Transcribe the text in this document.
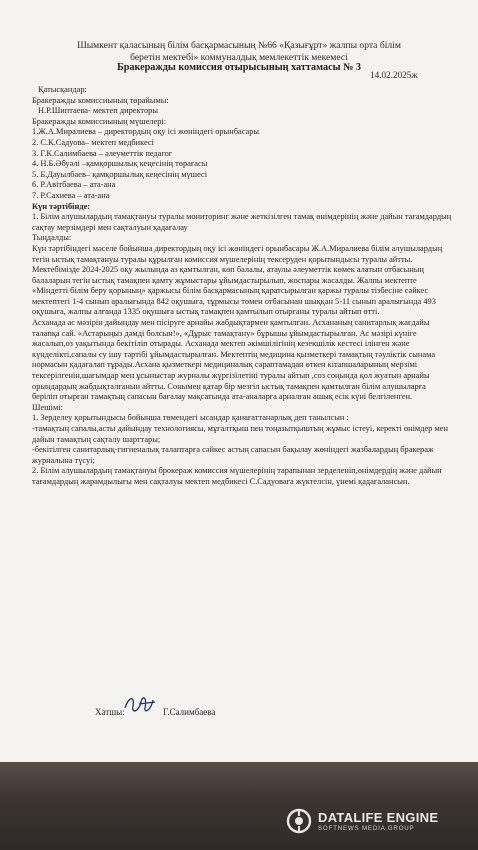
Шымкент қаласының білім басқармасының №66 «Қазығұрт» жалпы орта білім
беретін мектебі» коммуналдық мемлекеттік мекемесі
Бракеражды комиссия отырысының хаттамасы № 3
14.02.2025ж

Қатысқандар:

Бракеражды комиссиының төрайымы:

Н.Р.Шиптаева- мектеп директоры

Бракеражды комиссиының мүшелері:

1.Ж.А.Миралиева – директордың оқу ісі жөніндегі орынбасары

2. С.К.Садуова– мектеп медбикесі

3. Г.К.Салимбаева – әлеуметтік педагог

4. Н.Б.Әбуәлі –қамқоршылық кеңесінің төрағасы

5. Б.Дауылбаев– қамқоршылық кеңесінің мүшесі

6. Р.Авітбаева – ата-ана

7. Р.Сахиева – ата-ана

Күн тәртібінде:

1. Білім алушылардың тамақтануы туралы мониторинг және жеткізілген тамақ өнімдерінің және дайын тағамдардың сақтау мерзімдері мен сақталуын қадағалау

Тыңдалды:

Күн тәртібіндегі мәселе бойынша директордың оқу ісі жөніндегі орынбасары Ж.А.Миралиева білім алушылардың тегін ыстық тамақтануы туралы құрылған комиссия мүшелерінің тексеруден қорытындысы туралы айтты.

Мектебімізде 2024-2025 оқу жылында аз қамтылған, көп балалы, атаулы әлеуметтік көмек алатын отбасының балаларын тегін ыстық тамақпен қамту жұмыстары ұйымдастырылып, жоспары жасалды. Жалпы мектепте «Міндетті білім беру қорының» қаржысы білім басқармасының қаратсырылған қаржы туралы тізбесіне сәйкес мектептегі 1-4 сынып аралығында 842 оқушыға, тұрмысы төмен отбасынан шыққан 5-11 сынып аралығында 493 оқушыға, жалпы алғанда 1335 оқушыға ыстық тамақпен қамтылып отырғаны туралы айтып өтті.

Асханада ас мәзірін дайындау мен пісіруге арнайы жабдықтармен қамтылған. Асхананың санитарлық жағдайы талапқа сай. «Астарыңыз дәмді болсын!», «Дұрыс тамақтану» бұрышы ұйымдастырылған. Ас мәзірі күнiге жасалып,оз уақытында бекітіліп отырады. Асханада мектеп әкімшілігінің кезекшілік кестесі ілінген және күнделікті,сапалы су ішу тәртібі ұйымдастырылған. Мектептің медицина қызметкері тамақтың тәуліктік сынама нормасын қадағалап тұрады.Асхана қызметкері медициналық сараптамадан өткен кітапшаларының мерзімі тексерілгенін,шағымдар мен ұсыныстар журналы жүргізілетіні туралы айтып ,соз соңында қол жуатын арнайы орындардың жабдықталғанын айтты. Сонымен қатар бір мезгіл ыстық тамақпен қамтылған білім алушыларға беріліп отырған тамақтың сапасын бағалау мақсатында ата-аналарға арналған ашық есік күні белгіленген.

Шешімі:

1. Зерделеу қорытындысы бойынша төмендегі ысандар қанағаттанарлық деп танылсын :

-тамақтың сапалы,асты дайындау технологиясы, мұғалтқыш пен тоңазытқыштың жұмыс істеуі, керекті өнімдер мен дайын тамақтың сақталу шарттары;

-бекітілген санитарлық-гигиеналық талаптарға сәйкес астың сапасын бақылау жөніндегі жазбалардың бракераж журналына түсуі;

2. Білім алушылардың тамақтануы брокераж комиссия мүшелерінің тарапынан зерделеніп,өнімдердің және дайын тағамдардың жарамдылығы мен сақталуы мектеп медбикесі С.Садуоваға жүктелсін, үнемі қадағалансын.

Хатшы:	Г.Салимбаева
DATALIFE ENGINE
SOFTNEWS MEDIA GROUP
